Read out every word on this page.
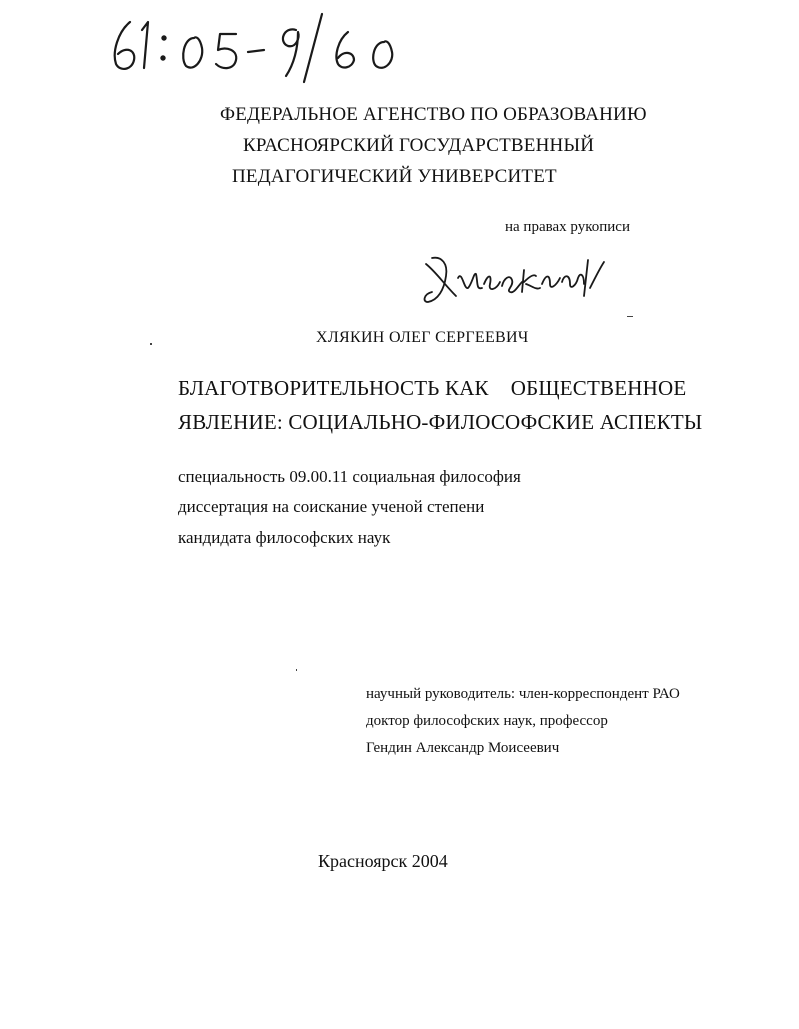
ФЕДЕРАЛЬНОЕ АГЕНСТВО ПО ОБРАЗОВАНИЮ
КРАСНОЯРСКИЙ ГОСУДАРСТВЕННЫЙ
ПЕДАГОГИЧЕСКИЙ УНИВЕРСИТЕТ
на правах рукописи
ХЛЯКИН ОЛЕГ СЕРГЕЕВИЧ
БЛАГОТВОРИТЕЛЬНОСТЬ КАК ОБЩЕСТВЕННОЕ
ЯВЛЕНИЕ: СОЦИАЛЬНО-ФИЛОСОФСКИЕ АСПЕКТЫ
специальность 09.00.11 социальная философия
диссертация на соискание ученой степени
кандидата философских наук
научный руководитель: член-корреспондент РАО
доктор философских наук, профессор
Гендин Александр Моисеевич
Красноярск 2004
